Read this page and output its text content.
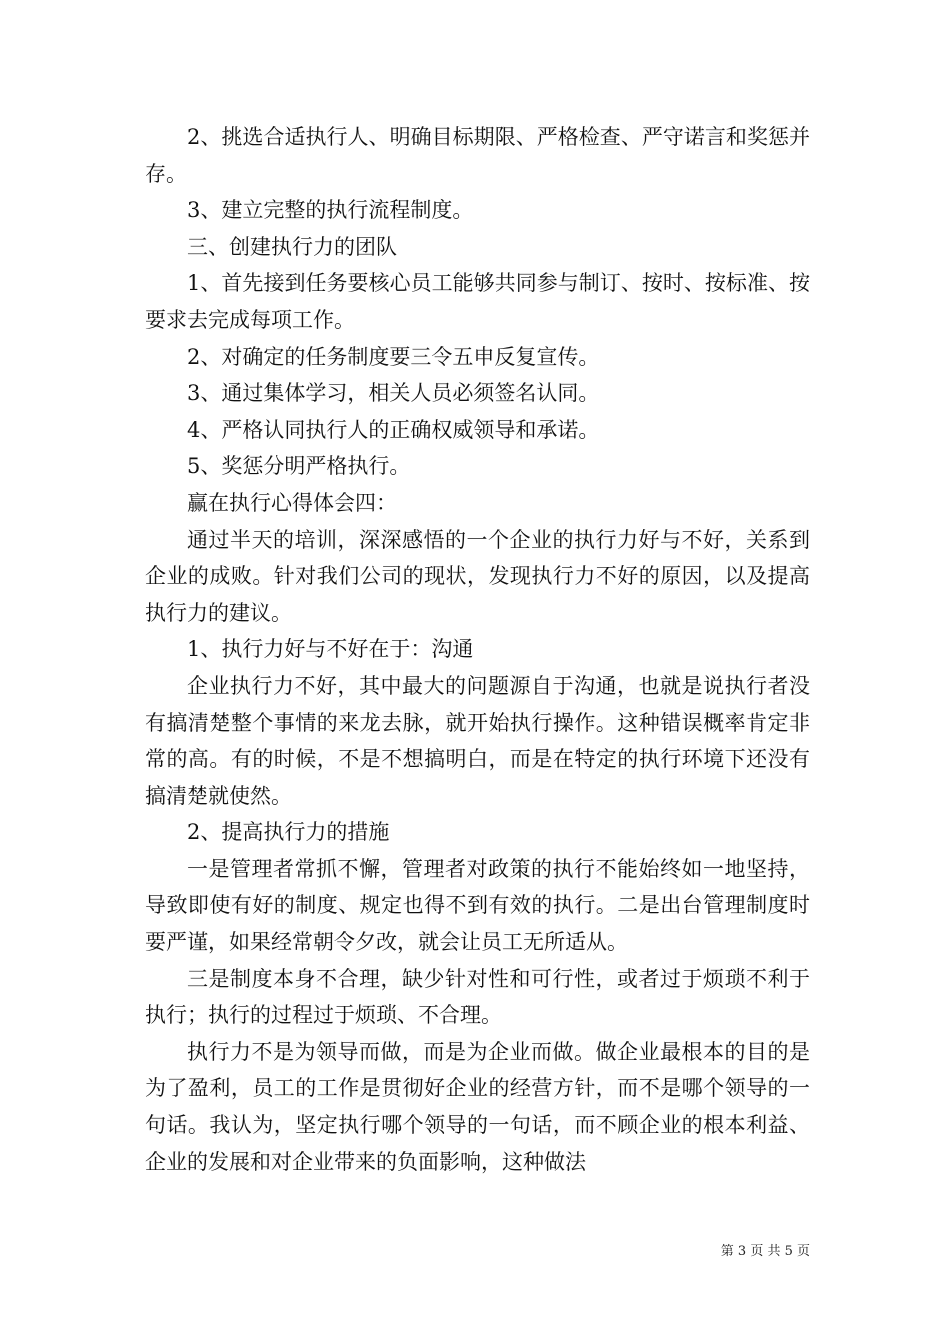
2、挑选合适执行人、明确目标期限、严格检查、严守诺言和奖惩并存。

3、建立完整的执行流程制度。

三、创建执行力的团队

1、首先接到任务要核心员工能够共同参与制订、按时、按标准、按要求去完成每项工作。

2、对确定的任务制度要三令五申反复宣传。

3、通过集体学习，相关人员必须签名认同。

4、严格认同执行人的正确权威领导和承诺。

5、奖惩分明严格执行。

赢在执行心得体会四：

通过半天的培训，深深感悟的一个企业的执行力好与不好，关系到企业的成败。针对我们公司的现状，发现执行力不好的原因，以及提高执行力的建议。

1、执行力好与不好在于：沟通

企业执行力不好，其中最大的问题源自于沟通，也就是说执行者没有搞清楚整个事情的来龙去脉，就开始执行操作。这种错误概率肯定非常的高。有的时候，不是不想搞明白，而是在特定的执行环境下还没有搞清楚就使然。

2、提高执行力的措施

一是管理者常抓不懈，管理者对政策的执行不能始终如一地坚持，导致即使有好的制度、规定也得不到有效的执行。二是出台管理制度时要严谨，如果经常朝令夕改，就会让员工无所适从。

三是制度本身不合理，缺少针对性和可行性，或者过于烦琐不利于执行；执行的过程过于烦琐、不合理。

执行力不是为领导而做，而是为企业而做。做企业最根本的目的是为了盈利，员工的工作是贯彻好企业的经营方针，而不是哪个领导的一句话。我认为，坚定执行哪个领导的一句话，而不顾企业的根本利益、企业的发展和对企业带来的负面影响，这种做法

第 3 页 共 5 页
